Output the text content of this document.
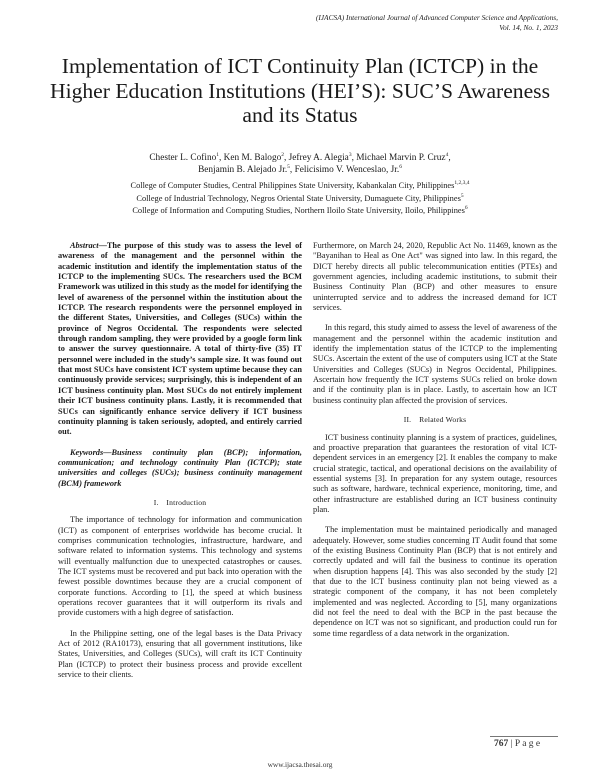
(IJACSA) International Journal of Advanced Computer Science and Applications,
Vol. 14, No. 1, 2023
Implementation of ICT Continuity Plan (ICTCP) in the Higher Education Institutions (HEI’S): SUC’S Awareness and its Status
Chester L. Cofino$^1$, Ken M. Balogo$^2$, Jefrey A. Alegia$^3$, Michael Marvin P. Cruz$^4$,
Benjamin B. Alejado Jr.$^5$, Felicisimo V. Wenceslao, Jr.$^6$
College of Computer Studies, Central Philippines State University, Kabankalan City, Philippines$^{1,2,3,4}$
College of Industrial Technology, Negros Oriental State University, Dumaguete City, Philippines$^5$
College of Information and Computing Studies, Northern Iloilo State University, Iloilo, Philippines$^6$

Abstract—The purpose of this study was to assess the level of awareness of the management and the personnel within the academic institution and identify the implementation status of the ICTCP to the implementing SUCs. The researchers used the BCM Framework was utilized in this study as the model for identifying the level of awareness of the personnel within the institution about the ICTCP. The research respondents were the personnel employed in the different States, Universities, and Colleges (SUCs) within the province of Negros Occidental. The respondents were selected through random sampling, they were provided by a google form link to answer the survey questionnaire. A total of thirty-five (35) IT personnel were included in the study’s sample size. It was found out that most SUCs have consistent ICT system uptime because they can continuously provide services; surprisingly, this is independent of an ICT business continuity plan. Most SUCs do not entirely implement their ICT business continuity plans. Lastly, it is recommended that SUCs can significantly enhance service delivery if ICT business continuity planning is taken seriously, adopted, and entirely carried out.

Keywords—Business continuity plan (BCP); information, communication; and technology continuity Plan (ICTCP); state universities and colleges (SUCs); business continuity management (BCM) framework

I. Introduction

The importance of technology for information and communication (ICT) as component of enterprises worldwide has become crucial. It comprises communication technologies, infrastructure, hardware, and software related to information systems. This technology and systems will eventually malfunction due to unexpected catastrophes or causes. The ICT systems must be recovered and put back into operation with the fewest possible downtimes because they are a crucial component of corporate functions. According to [1], the speed at which business operations recover guarantees that it will outperform its rivals and provide customers with a high degree of satisfaction.

In the Philippine setting, one of the legal bases is the Data Privacy Act of 2012 (RA10173), ensuring that all government institutions, like States, Universities, and Colleges (SUCs), will craft its ICT Continuity Plan (ICTCP) to protect their business process and provide excellent service to their clients.

Furthermore, on March 24, 2020, Republic Act No. 11469, known as the "Bayanihan to Heal as One Act" was signed into law. In this regard, the DICT hereby directs all public telecommunication entities (PTEs) and government agencies, including academic institutions, to submit their Business Continuity Plan (BCP) and other measures to ensure uninterrupted service and to address the increased demand for ICT services.

In this regard, this study aimed to assess the level of awareness of the management and the personnel within the academic institution and identify the implementation status of the ICTCP to the implementing SUCs. Ascertain the extent of the use of computers using ICT at the State Universities and Colleges (SUCs) in Negros Occidental, Philippines. Ascertain how frequently the ICT systems SUCs relied on broke down and if the continuity plan is in place. Lastly, to ascertain how an ICT business continuity plan affected the provision of services.

II. Related Works

ICT business continuity planning is a system of practices, guidelines, and proactive preparation that guarantees the restoration of vital ICT-dependent services in an emergency [2]. It enables the company to make crucial strategic, tactical, and operational decisions on the availability of essential systems [3]. In preparation for any system outage, resources such as software, hardware, technical experience, monitoring, time, and other infrastructure are established during an ICT business continuity plan.

The implementation must be maintained periodically and managed adequately. However, some studies concerning IT Audit found that some of the existing Business Continuity Plan (BCP) that is not entirely and correctly updated and will fail the business to continue its operation when disruption happens [4]. This was also seconded by the study [2] that due to the ICT business continuity plan not being viewed as a strategic component of the company, it has not been completely implemented and was neglected. According to [5], many organizations did not feel the need to deal with the BCP in the past because the dependence on ICT was not so significant, and production could run for some time regardless of a data network in the organization.

767 | P a g e
www.ijacsa.thesai.org
